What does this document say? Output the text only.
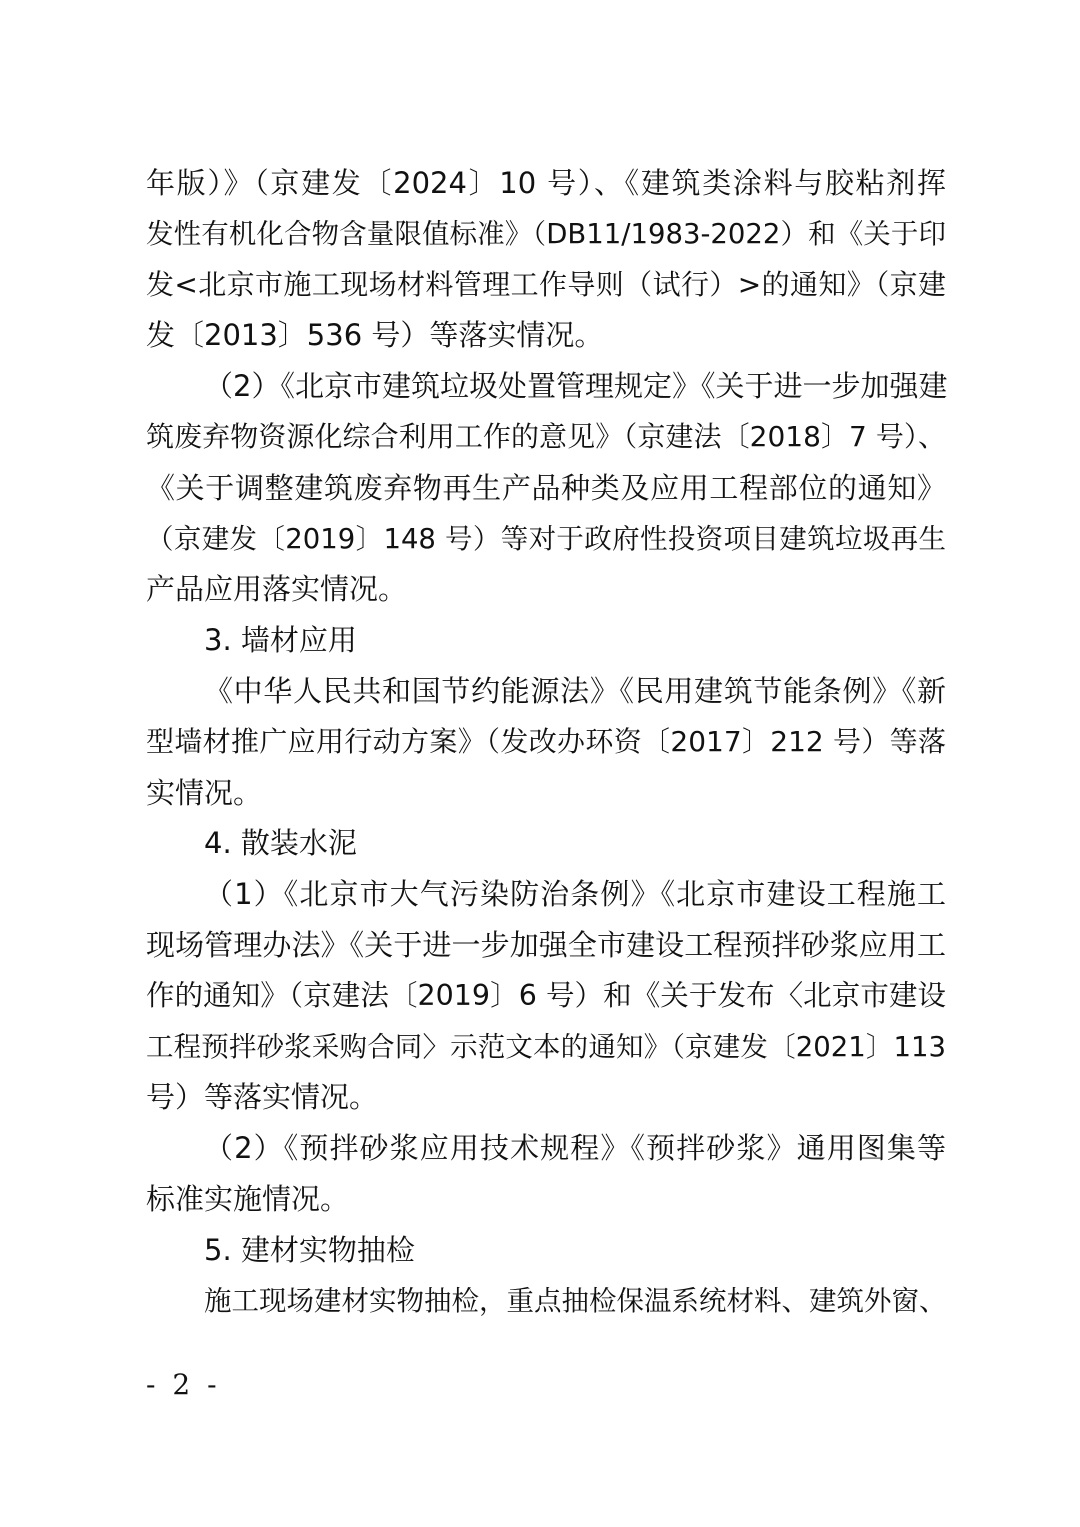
年版）》（京建发〔2024〕10 号）、《建筑类涂料与胶粘剂挥
发性有机化合物含量限值标准》（DB11/1983-2022）和《关于印
发<北京市施工现场材料管理工作导则（试行）>的通知》（京建
发〔2013〕536 号）等落实情况。
（2）《北京市建筑垃圾处置管理规定》《关于进一步加强建
筑废弃物资源化综合利用工作的意见》（京建法〔2018〕7 号）、
《关于调整建筑废弃物再生产品种类及应用工程部位的通知》
（京建发〔2019〕148 号）等对于政府性投资项目建筑垃圾再生
产品应用落实情况。
3. 墙材应用
《中华人民共和国节约能源法》《民用建筑节能条例》《新
型墙材推广应用行动方案》（发改办环资〔2017〕212 号）等落
实情况。
4. 散装水泥
（1）《北京市大气污染防治条例》《北京市建设工程施工
现场管理办法》《关于进一步加强全市建设工程预拌砂浆应用工
作的通知》（京建法〔2019〕6 号）和《关于发布〈北京市建设
工程预拌砂浆采购合同〉示范文本的通知》（京建发〔2021〕113
号）等落实情况。
（2）《预拌砂浆应用技术规程》《预拌砂浆》通用图集等
标准实施情况。
5. 建材实物抽检
施工现场建材实物抽检，重点抽检保温系统材料、建筑外窗、
- 2 -
